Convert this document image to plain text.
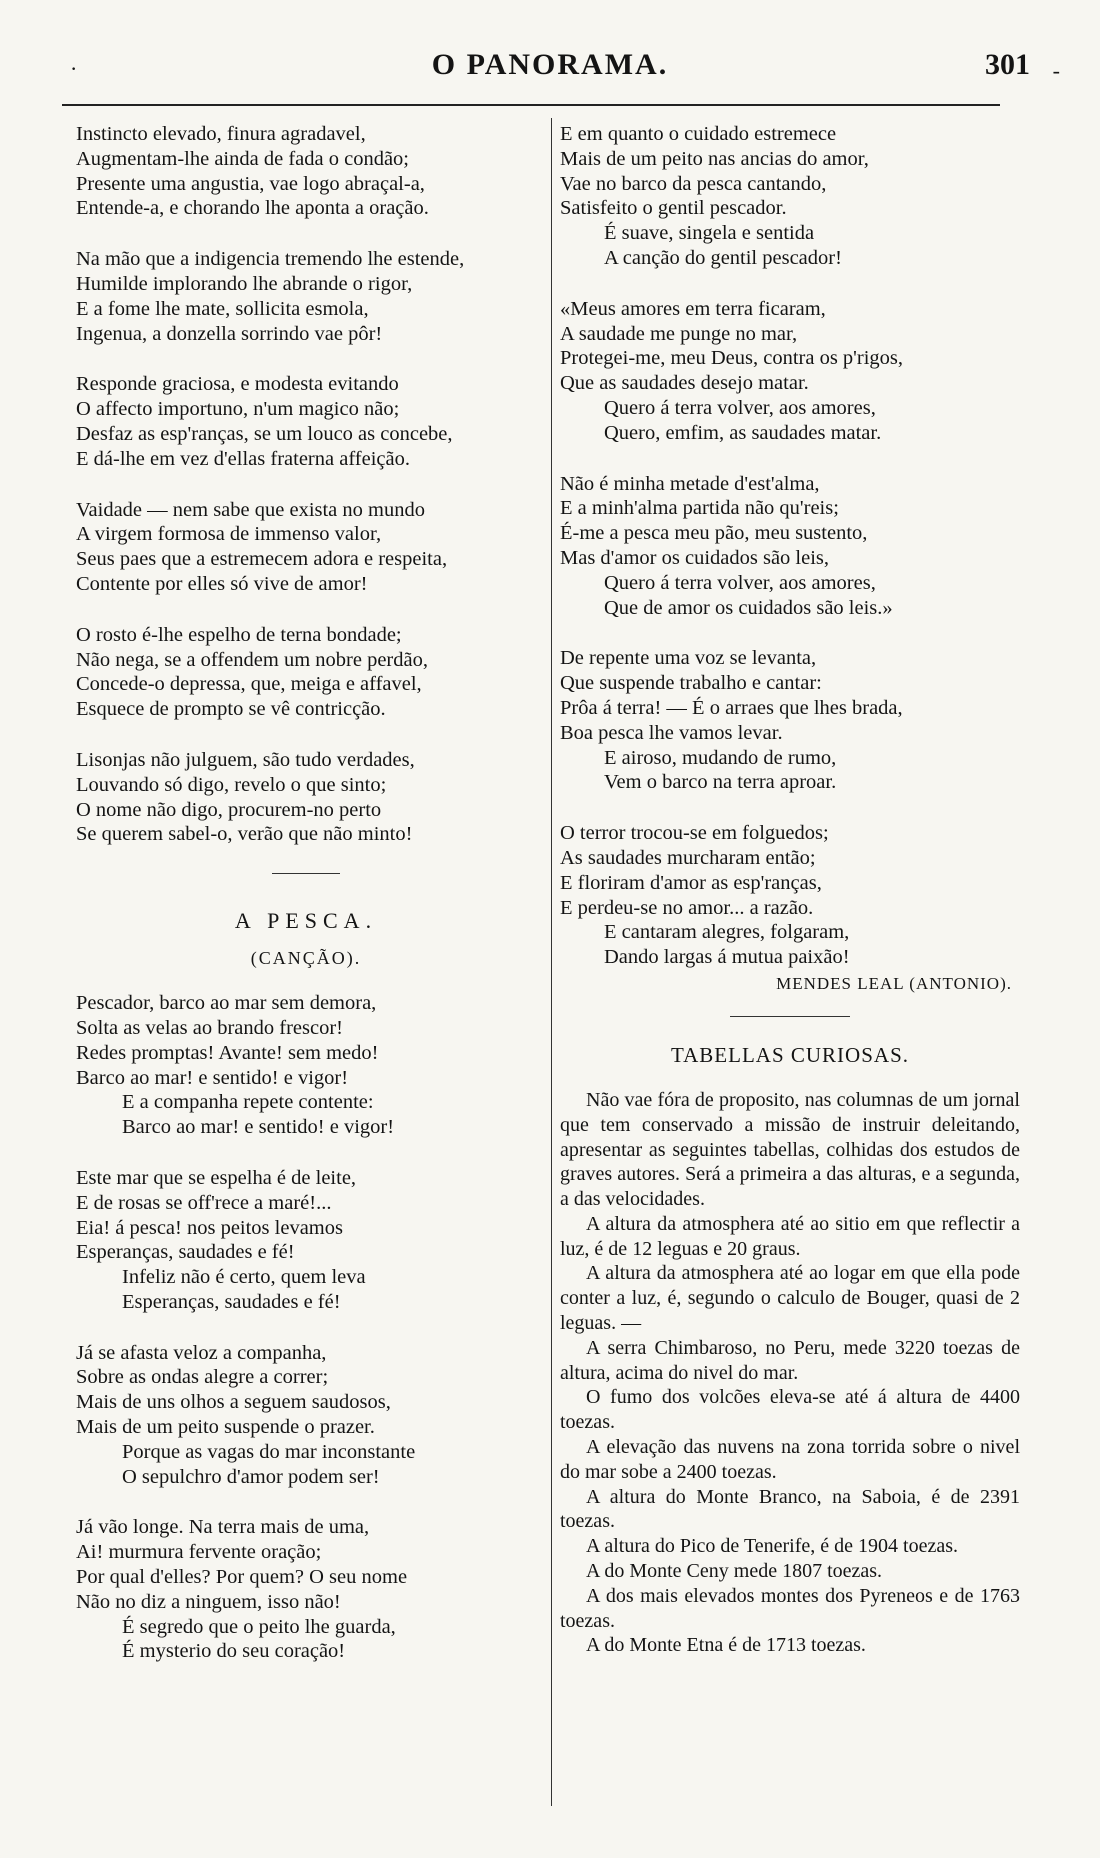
·	O PANORAMA.	301 -
Instincto elevado, finura agradavel,
Augmentam-lhe ainda de fada o condão;
Presente uma angustia, vae logo abraçal-a,
Entende-a, e chorando lhe aponta a oração.
Na mão que a indigencia tremendo lhe estende,
Humilde implorando lhe abrande o rigor,
E a fome lhe mate, sollicita esmola,
Ingenua, a donzella sorrindo vae pôr!
Responde graciosa, e modesta evitando
O affecto importuno, n'um magico não;
Desfaz as esp'ranças, se um louco as concebe,
E dá-lhe em vez d'ellas fraterna affeição.
Vaidade — nem sabe que exista no mundo
A virgem formosa de immenso valor,
Seus paes que a estremecem adora e respeita,
Contente por elles só vive de amor!
O rosto é-lhe espelho de terna bondade;
Não nega, se a offendem um nobre perdão,
Concede-o depressa, que, meiga e affavel,
Esquece de prompto se vê contricção.
Lisonjas não julguem, são tudo verdades,
Louvando só digo, revelo o que sinto;
O nome não digo, procurem-no perto
Se querem sabel-o, verão que não minto!
A PESCA.
(CANÇÃO).
Pescador, barco ao mar sem demora,
Solta as velas ao brando frescor!
Redes promptas! Avante! sem medo!
Barco ao mar! e sentido! e vigor!
E a companha repete contente:
Barco ao mar! e sentido! e vigor!
Este mar que se espelha é de leite,
E de rosas se off'rece a maré!...
Eia! á pesca! nos peitos levamos
Esperanças, saudades e fé!
Infeliz não é certo, quem leva
Esperanças, saudades e fé!
Já se afasta veloz a companha,
Sobre as ondas alegre a correr;
Mais de uns olhos a seguem saudosos,
Mais de um peito suspende o prazer.
Porque as vagas do mar inconstante
O sepulchro d'amor podem ser!
Já vão longe. Na terra mais de uma,
Ai! murmura fervente oração;
Por qual d'elles? Por quem? O seu nome
Não no diz a ninguem, isso não!
É segredo que o peito lhe guarda,
É mysterio do seu coração!
E em quanto o cuidado estremece
Mais de um peito nas ancias do amor,
Vae no barco da pesca cantando,
Satisfeito o gentil pescador.
É suave, singela e sentida
A canção do gentil pescador!
«Meus amores em terra ficaram,
A saudade me punge no mar,
Protegei-me, meu Deus, contra os p'rigos,
Que as saudades desejo matar.
Quero á terra volver, aos amores,
Quero, emfim, as saudades matar.
Não é minha metade d'est'alma,
E a minh'alma partida não qu'reis;
É-me a pesca meu pão, meu sustento,
Mas d'amor os cuidados são leis,
Quero á terra volver, aos amores,
Que de amor os cuidados são leis.»
De repente uma voz se levanta,
Que suspende trabalho e cantar:
Prôa á terra! — É o arraes que lhes brada,
Boa pesca lhe vamos levar.
E airoso, mudando de rumo,
Vem o barco na terra aproar.
O terror trocou-se em folguedos;
As saudades murcharam então;
E floriram d'amor as esp'ranças,
E perdeu-se no amor... a razão.
E cantaram alegres, folgaram,
Dando largas á mutua paixão!
MENDES LEAL (ANTONIO).
TABELLAS CURIOSAS.

Não vae fóra de proposito, nas columnas de um jornal que tem conservado a missão de instruir deleitando, apresentar as seguintes tabellas, colhidas dos estudos de graves autores. Será a primeira a das alturas, e a segunda, a das velocidades.

A altura da atmosphera até ao sitio em que reflectir a luz, é de 12 leguas e 20 graus.

A altura da atmosphera até ao logar em que ella pode conter a luz, é, segundo o calculo de Bouger, quasi de 2 leguas. —

A serra Chimbaroso, no Peru, mede 3220 toezas de altura, acima do nivel do mar.

O fumo dos volcões eleva-se até á altura de 4400 toezas.

A elevação das nuvens na zona torrida sobre o nivel do mar sobe a 2400 toezas.

A altura do Monte Branco, na Saboia, é de 2391 toezas.

A altura do Pico de Tenerife, é de 1904 toezas.

A do Monte Ceny mede 1807 toezas.

A dos mais elevados montes dos Pyreneos e de 1763 toezas.

A do Monte Etna é de 1713 toezas.
